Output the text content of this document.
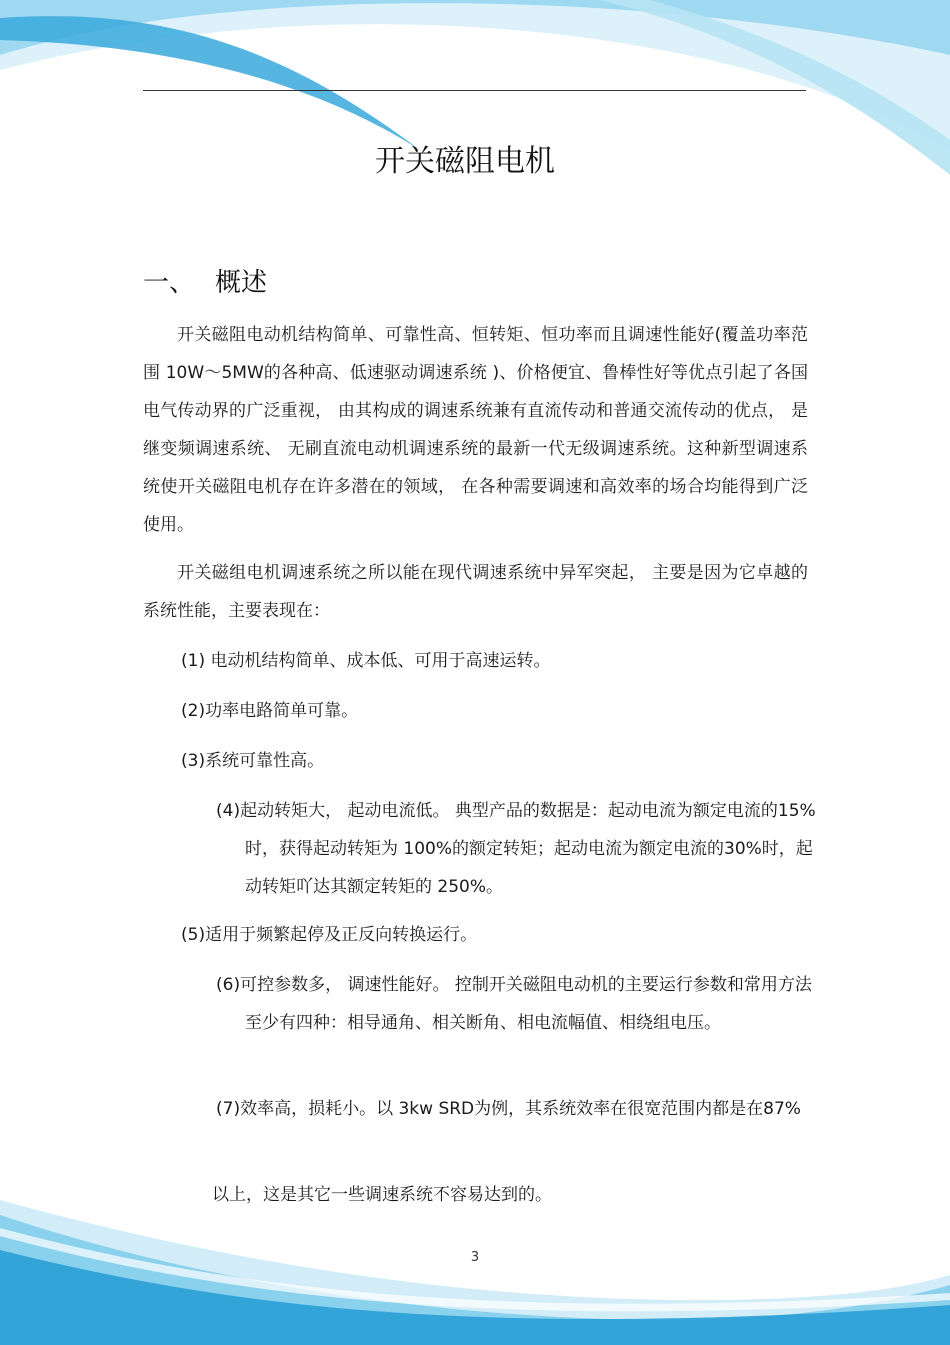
开关磁阻电机
一、 概述
开关磁阻电动机结构简单、可靠性高、恒转矩、恒功率而且调速性能好(覆盖功率范围 10W～5MW的各种高、低速驱动调速系统 )、价格便宜、鲁棒性好等优点引起了各国电气传动界的广泛重视， 由其构成的调速系统兼有直流传动和普通交流传动的优点， 是继变频调速系统、 无刷直流电动机调速系统的最新一代无级调速系统。这种新型调速系统使开关磁阻电机存在许多潜在的领域， 在各种需要调速和高效率的场合均能得到广泛使用。
开关磁组电机调速系统之所以能在现代调速系统中异军突起， 主要是因为它卓越的系统性能，主要表现在：
(1) 电动机结构简单、成本低、可用于高速运转。
(2)功率电路简单可靠。
(3)系统可靠性高。
(4)起动转矩大， 起动电流低。 典型产品的数据是：起动电流为额定电流的15%时，获得起动转矩为 100%的额定转矩；起动电流为额定电流的30%时，起动转矩吖达其额定转矩的 250%。
(5)适用于频繁起停及正反向转换运行。
(6)可控参数多， 调速性能好。 控制开关磁阻电动机的主要运行参数和常用方法至少有四种：相导通角、相关断角、相电流幅值、相绕组电压。
(7)效率高，损耗小。以 3kw SRD为例，其系统效率在很宽范围内都是在87%
以上，这是其它一些调速系统不容易达到的。
3
